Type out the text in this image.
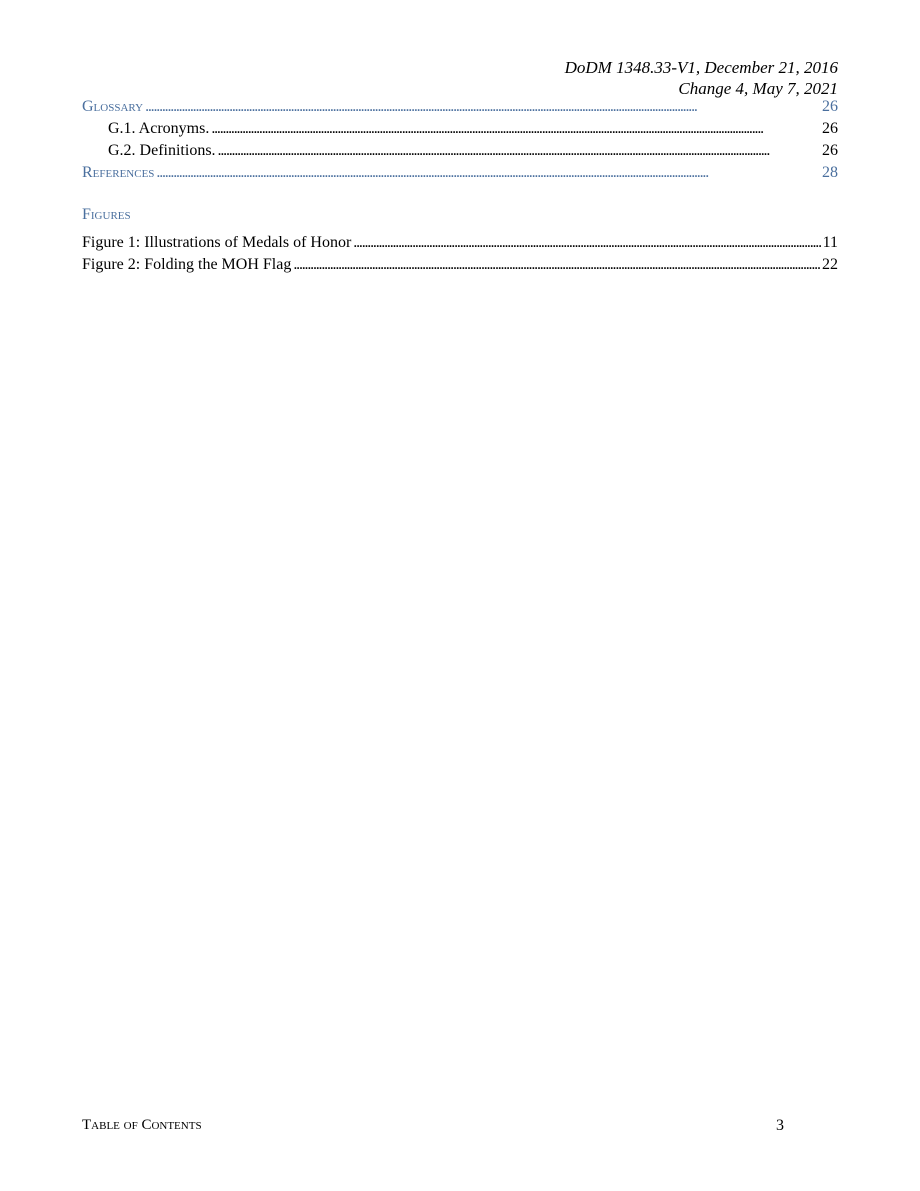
DoDM 1348.33-V1, December 21, 2016
Change 4, May 7, 2021
Glossary . . .	26
G.1. Acronyms. . . .	26
G.2. Definitions. . . .	26
References . . .	28
Figures
Figure 1: Illustrations of Medals of Honor . . .	11
Figure 2: Folding the MOH Flag . . .	22
Table of Contents	3
